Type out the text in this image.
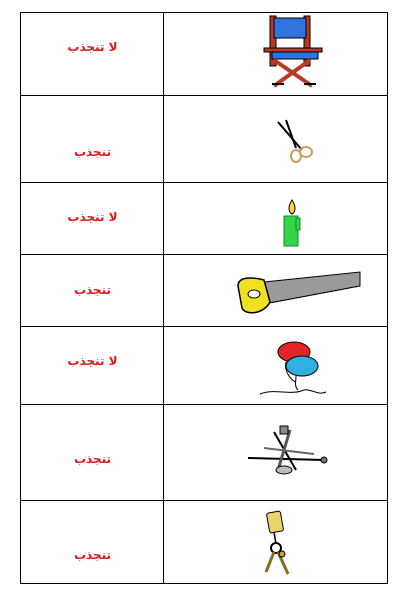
لا تنجذب
تنجذب
لا تنجذب
تنجذب
لا تنجذب
تنجذب
تنجذب
